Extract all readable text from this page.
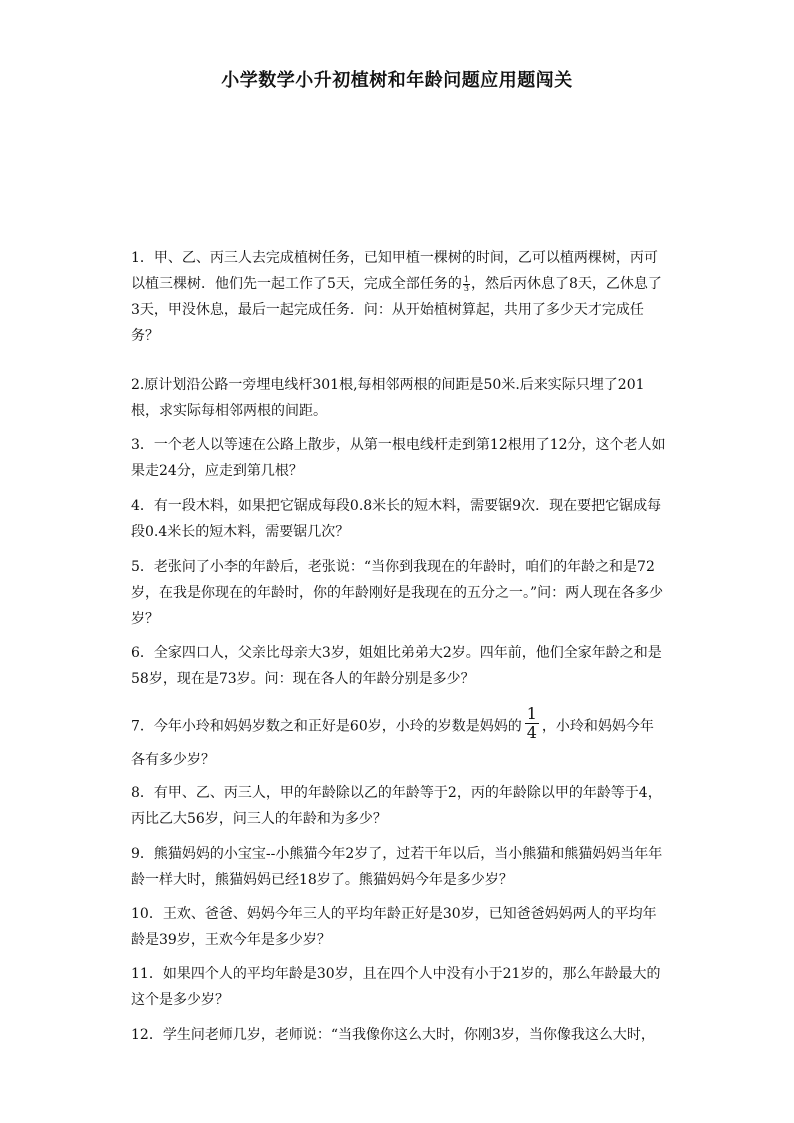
小学数学小升初植树和年龄问题应用题闯关

1．甲、乙、丙三人去完成植树任务，已知甲植一棵树的时间，乙可以植两棵树，丙可以植三棵树．他们先一起工作了5天，完成全部任务的 $\frac{1}{3}$ ，然后丙休息了8天，乙休息了3天，甲没休息，最后一起完成任务．问：从开始植树算起，共用了多少天才完成任务？

2.原计划沿公路一旁埋电线杆301根,每相邻两根的间距是50米.后来实际只埋了201根，求实际每相邻两根的间距。

3．一个老人以等速在公路上散步，从第一根电线杆走到第12根用了12分，这个老人如果走24分，应走到第几根？

4．有一段木料，如果把它锯成每段0.8米长的短木料，需要锯9次．现在要把它锯成每段0.4米长的短木料，需要锯几次？

5．老张问了小李的年龄后，老张说：“当你到我现在的年龄时，咱们的年龄之和是72岁，在我是你现在的年龄时，你的年龄刚好是我现在的五分之一。”问：两人现在各多少岁？

6．全家四口人，父亲比母亲大3岁，姐姐比弟弟大2岁。四年前，他们全家年龄之和是58岁，现在是73岁。问：现在各人的年龄分别是多少？

7．今年小玲和妈妈岁数之和正好是60岁，小玲的岁数是妈妈的 $\frac{1}{4}$ ，小玲和妈妈今年各有多少岁？

8．有甲、乙、丙三人，甲的年龄除以乙的年龄等于2，丙的年龄除以甲的年龄等于4，丙比乙大56岁，问三人的年龄和为多少？

9．熊猫妈妈的小宝宝--小熊猫今年2岁了，过若干年以后，当小熊猫和熊猫妈妈当年年龄一样大时，熊猫妈妈已经18岁了。熊猫妈妈今年是多少岁？

10．王欢、爸爸、妈妈今年三人的平均年龄正好是30岁，已知爸爸妈妈两人的平均年龄是39岁，王欢今年是多少岁？

11．如果四个人的平均年龄是30岁，且在四个人中没有小于21岁的，那么年龄最大的这个是多少岁？

12．学生问老师几岁，老师说：“当我像你这么大时，你刚3岁，当你像我这么大时，
